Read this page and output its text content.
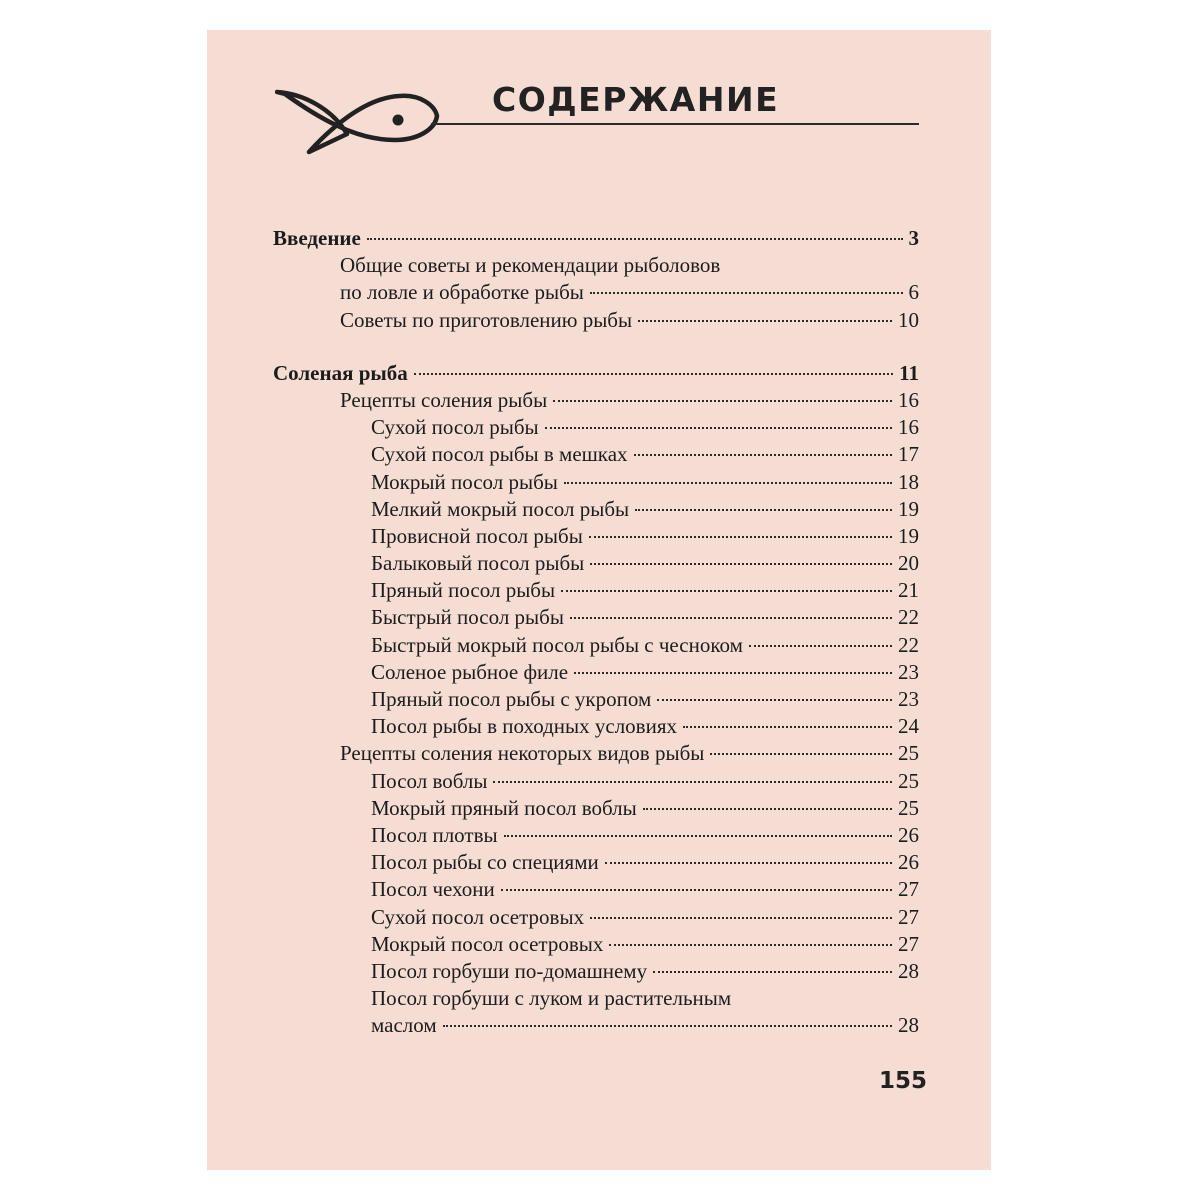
СОДЕРЖАНИЕ
Введение	3
Общие советы и рекомендации рыболовов
по ловле и обработке рыбы	6
Советы по приготовлению рыбы	10
Соленая рыба	11
Рецепты соления рыбы	16
Сухой посол рыбы	16
Сухой посол рыбы в мешках	17
Мокрый посол рыбы	18
Мелкий мокрый посол рыбы	19
Провисной посол рыбы	19
Балыковый посол рыбы	20
Пряный посол рыбы	21
Быстрый посол рыбы	22
Быстрый мокрый посол рыбы с чесноком	22
Соленое рыбное филе	23
Пряный посол рыбы с укропом	23
Посол рыбы в походных условиях	24
Рецепты соления некоторых видов рыбы	25
Посол воблы	25
Мокрый пряный посол воблы	25
Посол плотвы	26
Посол рыбы со специями	26
Посол чехони	27
Сухой посол осетровых	27
Мокрый посол осетровых	27
Посол горбуши по-домашнему	28
Посол горбуши с луком и растительным
маслом	28
155
